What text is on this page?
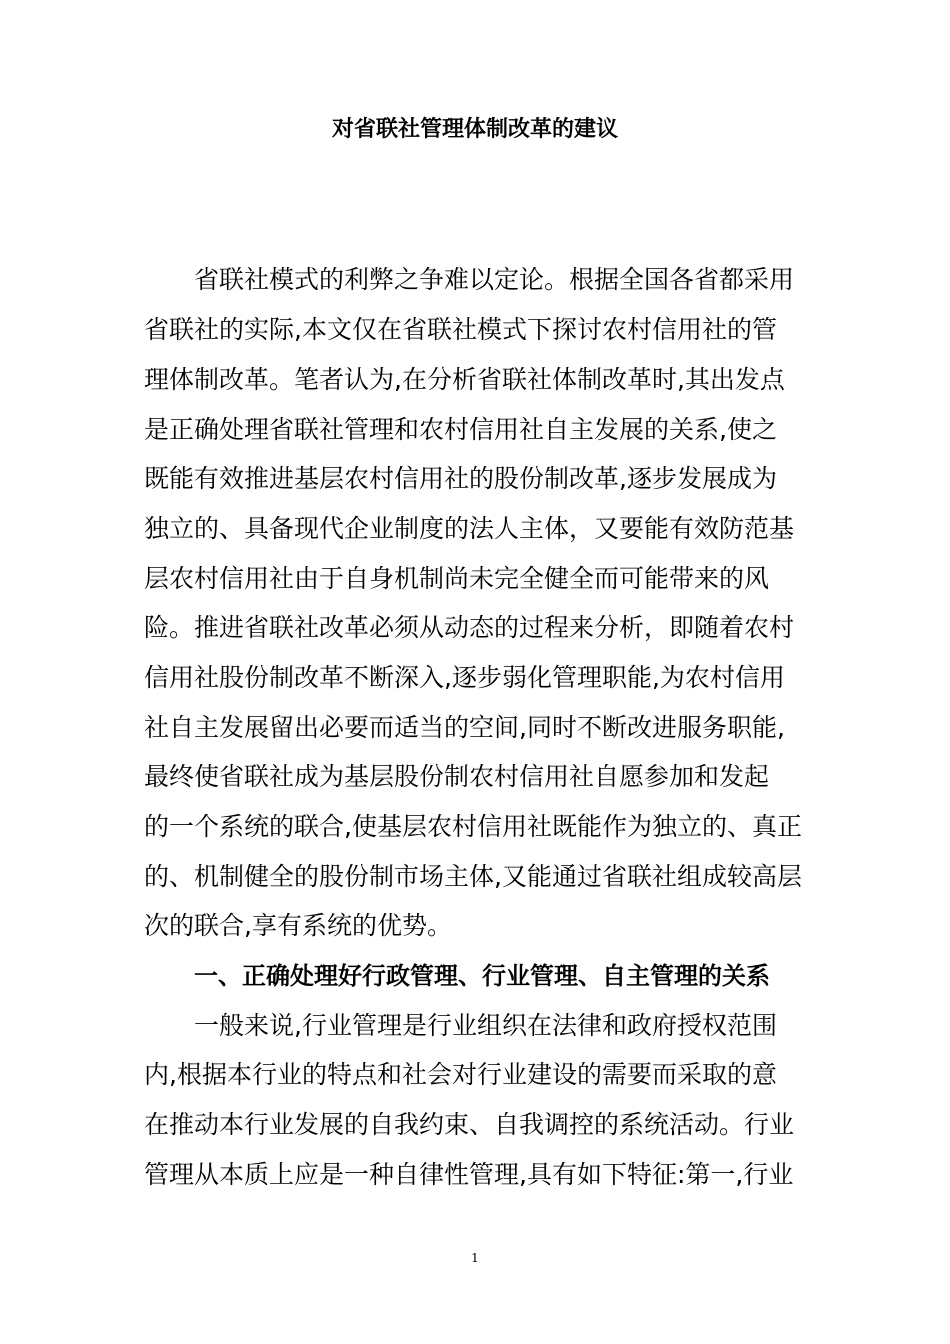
对省联社管理体制改革的建议
省联社模式的利弊之争难以定论。根据全国各省都采用
省联社的实际,本文仅在省联社模式下探讨农村信用社的管
理体制改革。笔者认为,在分析省联社体制改革时,其出发点
是正确处理省联社管理和农村信用社自主发展的关系,使之
既能有效推进基层农村信用社的股份制改革,逐步发展成为
独立的、具备现代企业制度的法人主体，又要能有效防范基
层农村信用社由于自身机制尚未完全健全而可能带来的风
险。推进省联社改革必须从动态的过程来分析，即随着农村
信用社股份制改革不断深入,逐步弱化管理职能,为农村信用
社自主发展留出必要而适当的空间,同时不断改进服务职能,
最终使省联社成为基层股份制农村信用社自愿参加和发起
的一个系统的联合,使基层农村信用社既能作为独立的、真正
的、机制健全的股份制市场主体,又能通过省联社组成较高层
次的联合,享有系统的优势。
一、正确处理好行政管理、行业管理、自主管理的关系
一般来说,行业管理是行业组织在法律和政府授权范围
内,根据本行业的特点和社会对行业建设的需要而采取的意
在推动本行业发展的自我约束、自我调控的系统活动。行业
管理从本质上应是一种自律性管理,具有如下特征:第一,行业
1
